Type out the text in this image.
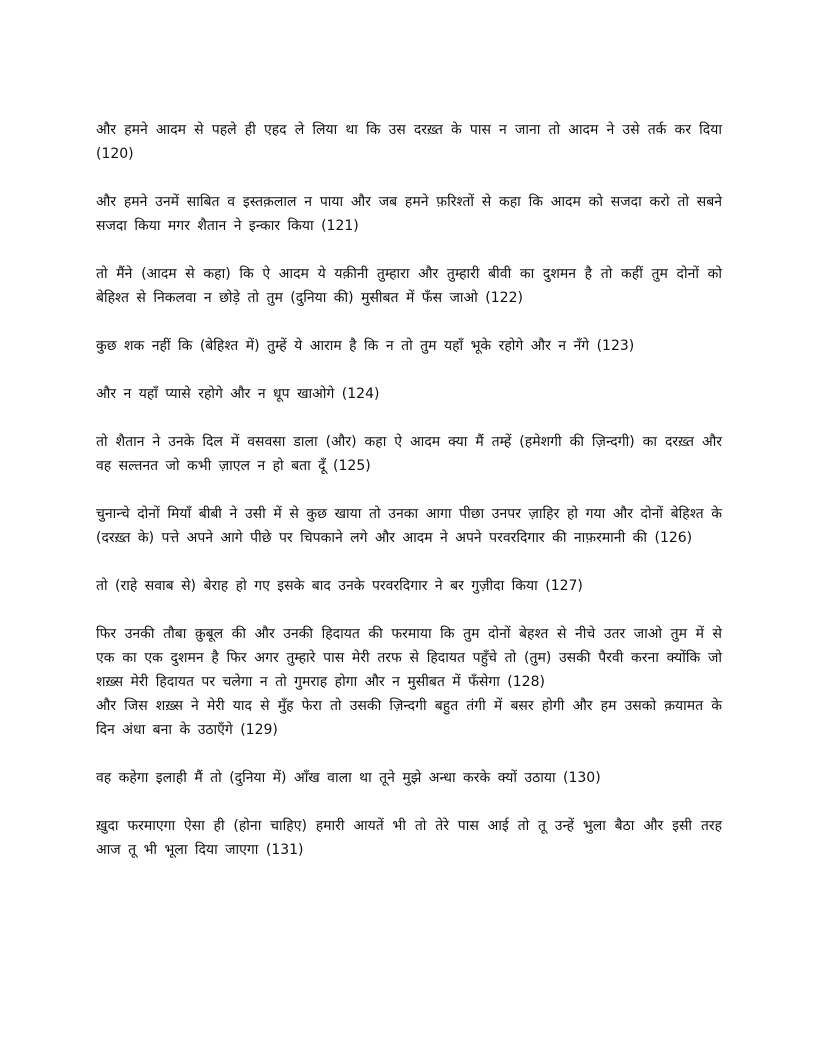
और हमने आदम से पहले ही एहद ले लिया था कि उस दरख़्त के पास न जाना तो आदम ने उसे तर्क कर दिया (120)

और हमने उनमें साबित व इस्तक़लाल न पाया और जब हमने फ़रिश्तों से कहा कि आदम को सजदा करो तो सबने सजदा किया मगर शैतान ने इन्कार किया (121)

तो मैंने (आदम से कहा) कि ऐ आदम ये यक़ीनी तुम्हारा और तुम्हारी बीवी का दुशमन है तो कहीं तुम दोनों को बेहिश्त से निकलवा न छोड़े तो तुम (दुनिया की) मुसीबत में फँस जाओ (122)

कुछ शक नहीं कि (बेहिश्त में) तुम्हें ये आराम है कि न तो तुम यहाँ भूके रहोगे और न नँगे (123)

और न यहाँ प्यासे रहोगे और न धूप खाओगे (124)

तो शैतान ने उनके दिल में वसवसा डाला (और) कहा ऐ आदम क्या मैं तम्हें (हमेशगी की ज़िन्दगी) का दरख़्त और वह सल्तनत जो कभी ज़ाएल न हो बता दूँ (125)

चुनान्चे दोनों मियाँ बीबी ने उसी में से कुछ खाया तो उनका आगा पीछा उनपर ज़ाहिर हो गया और दोनों बेहिश्त के (दरख़्त के) पत्ते अपने आगे पीछे पर चिपकाने लगे और आदम ने अपने परवरदिगार की नाफ़रमानी की (126)

तो (राहे सवाब से) बेराह हो गए इसके बाद उनके परवरदिगार ने बर गुज़ीदा किया (127)

फिर उनकी तौबा क़ुबूल की और उनकी हिदायत की फरमाया कि तुम दोनों बेहश्त से नीचे उतर जाओ तुम में से एक का एक दुशमन है फिर अगर तुम्हारे पास मेरी तरफ से हिदायत पहुँचे तो (तुम) उसकी पैरवी करना क्योंकि जो शख़्स मेरी हिदायत पर चलेगा न तो गुमराह होगा और न मुसीबत में फँसेगा (128)

और जिस शख़्स ने मेरी याद से मुँह फेरा तो उसकी ज़िन्दगी बहुत तंगी में बसर होगी और हम उसको क़यामत के दिन अंधा बना के उठाएँगे (129)

वह कहेगा इलाही मैं तो (दुनिया में) आँख वाला था तूने मुझे अन्धा करके क्यों उठाया (130)

ख़ुदा फरमाएगा ऐसा ही (होना चाहिए) हमारी आयतें भी तो तेरे पास आई तो तू उन्हें भुला बैठा और इसी तरह आज तू भी भूला दिया जाएगा (131)
